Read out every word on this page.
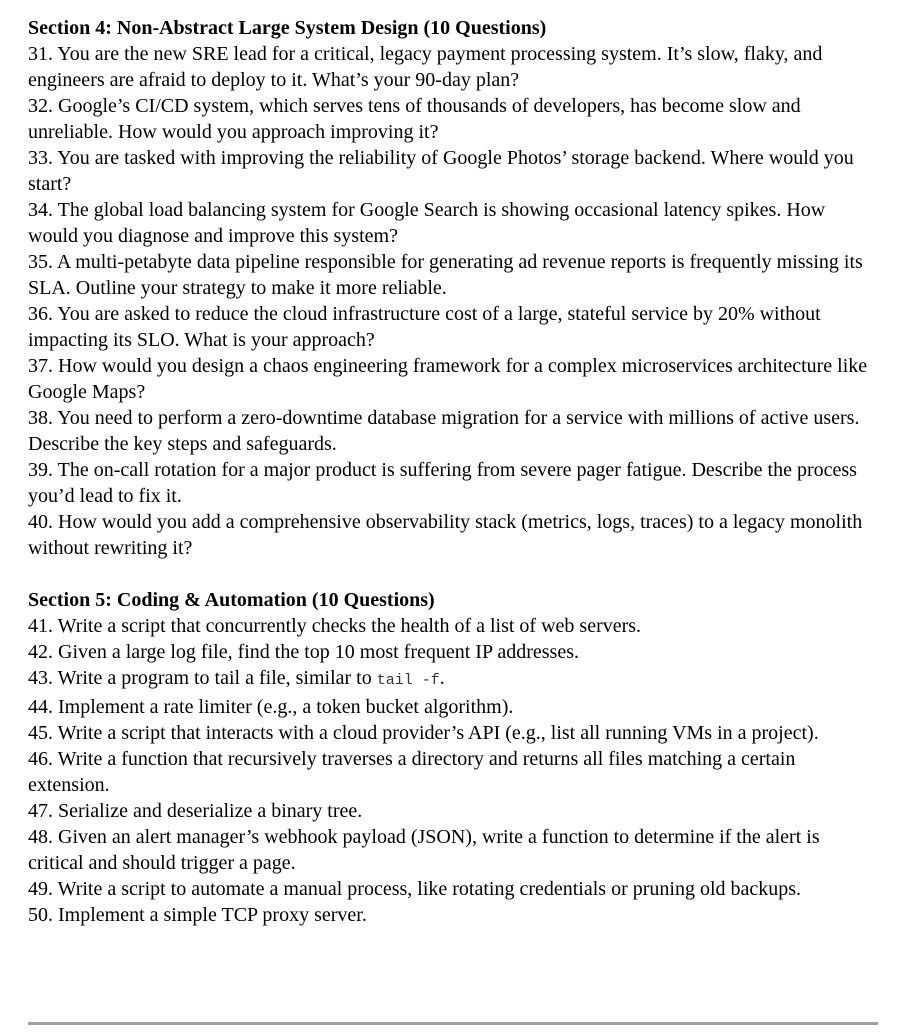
Section 4: Non-Abstract Large System Design (10 Questions)

31. You are the new SRE lead for a critical, legacy payment processing system. It’s slow, flaky, and engineers are afraid to deploy to it. What’s your 90-day plan?

32. Google’s CI/CD system, which serves tens of thousands of developers, has become slow and unreliable. How would you approach improving it?

33. You are tasked with improving the reliability of Google Photos’ storage backend. Where would you start?

34. The global load balancing system for Google Search is showing occasional latency spikes. How would you diagnose and improve this system?

35. A multi-petabyte data pipeline responsible for generating ad revenue reports is frequently missing its SLA. Outline your strategy to make it more reliable.

36. You are asked to reduce the cloud infrastructure cost of a large, stateful service by 20% without impacting its SLO. What is your approach?

37. How would you design a chaos engineering framework for a complex microservices architecture like Google Maps?

38. You need to perform a zero-downtime database migration for a service with millions of active users. Describe the key steps and safeguards.

39. The on-call rotation for a major product is suffering from severe pager fatigue. Describe the process you’d lead to fix it.

40. How would you add a comprehensive observability stack (metrics, logs, traces) to a legacy monolith without rewriting it?

Section 5: Coding & Automation (10 Questions)

41. Write a script that concurrently checks the health of a list of web servers.

42. Given a large log file, find the top 10 most frequent IP addresses.

43. Write a program to tail a file, similar to tail -f.

44. Implement a rate limiter (e.g., a token bucket algorithm).

45. Write a script that interacts with a cloud provider’s API (e.g., list all running VMs in a project).

46. Write a function that recursively traverses a directory and returns all files matching a certain extension.

47. Serialize and deserialize a binary tree.

48. Given an alert manager’s webhook payload (JSON), write a function to determine if the alert is critical and should trigger a page.

49. Write a script to automate a manual process, like rotating credentials or pruning old backups.

50. Implement a simple TCP proxy server.
